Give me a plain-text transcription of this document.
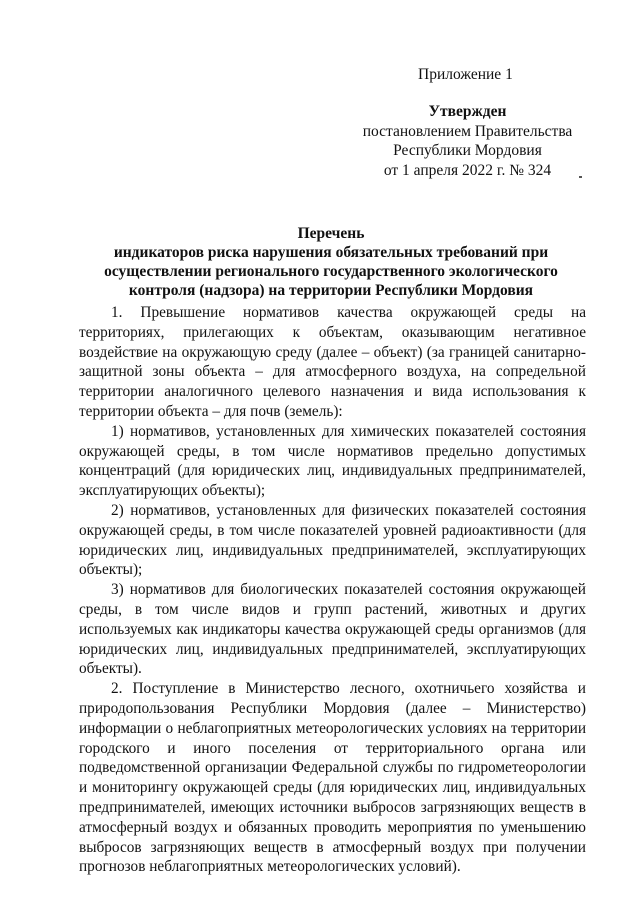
Приложение 1
Утвержден
постановлением Правительства
Республики Мордовия
от 1 апреля 2022 г. № 324
Перечень
индикаторов риска нарушения обязательных требований при
осуществлении регионального государственного экологического
контроля (надзора) на территории Республики Мордовия

1. Превышение нормативов качества окружающей среды на территориях, прилегающих к объектам, оказывающим негативное воздействие на окружающую среду (далее – объект) (за границей санитарно-защитной зоны объекта – для атмосферного воздуха, на сопредельной территории аналогичного целевого назначения и вида использования к территории объекта – для почв (земель):

1) нормативов, установленных для химических показателей состояния окружающей среды, в том числе нормативов предельно допустимых концентраций (для юридических лиц, индивидуальных предпринимателей, эксплуатирующих объекты);

2) нормативов, установленных для физических показателей состояния окружающей среды, в том числе показателей уровней радиоактивности (для юридических лиц, индивидуальных предпринимателей, эксплуатирующих объекты);

3) нормативов для биологических показателей состояния окружающей среды, в том числе видов и групп растений, животных и других используемых как индикаторы качества окружающей среды организмов (для юридических лиц, индивидуальных предпринимателей, эксплуатирующих объекты).

2. Поступление в Министерство лесного, охотничьего хозяйства и природопользования Республики Мордовия (далее – Министерство) информации о неблагоприятных метеорологических условиях на территории городского и иного поселения от территориального органа или подведомственной организации Федеральной службы по гидрометеорологии и мониторингу окружающей среды (для юридических лиц, индивидуальных предпринимателей, имеющих источники выбросов загрязняющих веществ в атмосферный воздух и обязанных проводить мероприятия по уменьшению выбросов загрязняющих веществ в атмосферный воздух при получении прогнозов неблагоприятных метеорологических условий).
